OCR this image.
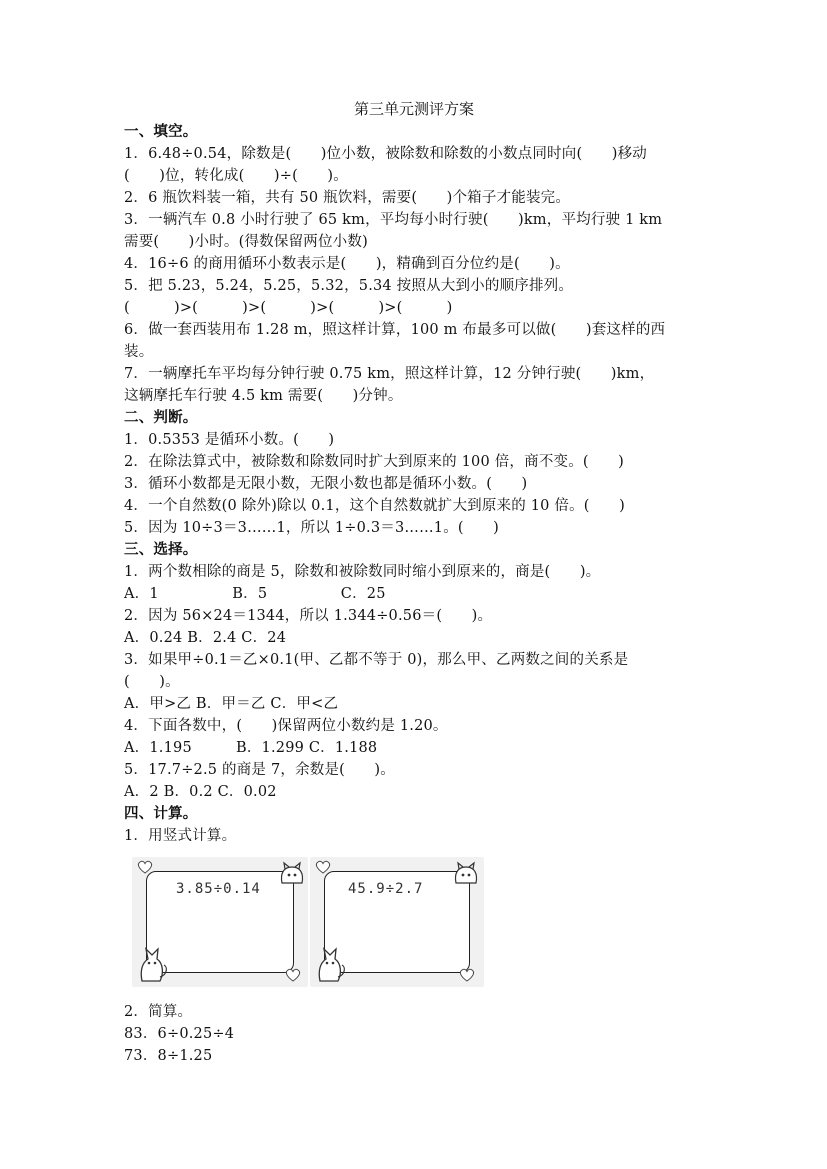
第三单元测评方案
一、填空。
1．6.48÷0.54，除数是(　　)位小数，被除数和除数的小数点同时向(　　)移动
(　　)位，转化成(　　)÷(　　)。
2．6 瓶饮料装一箱，共有 50 瓶饮料，需要(　　)个箱子才能装完。
3．一辆汽车 0.8 小时行驶了 65 km，平均每小时行驶(　　)km，平均行驶 1 km
需要(　　)小时。(得数保留两位小数)
4．16÷6 的商用循环小数表示是(　　)，精确到百分位约是(　　)。
5．把 5.23，5.24，5.25，5.32，5.34 按照从大到小的顺序排列。
(　　　)>(　　　)>(　　　)>(　　　)>(　　　)
6．做一套西装用布 1.28 m，照这样计算，100 m 布最多可以做(　　)套这样的西
装。
7．一辆摩托车平均每分钟行驶 0.75 km，照这样计算，12 分钟行驶(　　)km，
这辆摩托车行驶 4.5 km 需要(　　)分钟。
二、判断。
1．0.5353 是循环小数。(　　)
2．在除法算式中，被除数和除数同时扩大到原来的 100 倍，商不变。(　　)
3．循环小数都是无限小数，无限小数也都是循环小数。(　　)
4．一个自然数(0 除外)除以 0.1，这个自然数就扩大到原来的 10 倍。(　　)
5．因为 10÷3＝3……1，所以 1÷0.3＝3……1。(　　)
三、选择。
1．两个数相除的商是 5，除数和被除数同时缩小到原来的，商是(　　)。
A．1　　　　　B．5　　　　　C．25
2．因为 56×24＝1344，所以 1.344÷0.56＝(　　)。
A．0.24 B．2.4 C．24
3．如果甲÷0.1＝乙×0.1(甲、乙都不等于 0)，那么甲、乙两数之间的关系是
(　　)。
A．甲>乙 B．甲＝乙 C．甲<乙
4．下面各数中，(　　)保留两位小数约是 1.20。
A．1.195　　　B．1.299 C．1.188
5．17.7÷2.5 的商是 7，余数是(　　)。
A．2 B．0.2 C．0.02
四、计算。
1．用竖式计算。
3.85÷0.14	45.9÷2.7
2．简算。
83．6÷0.25÷4
73．8÷1.25
